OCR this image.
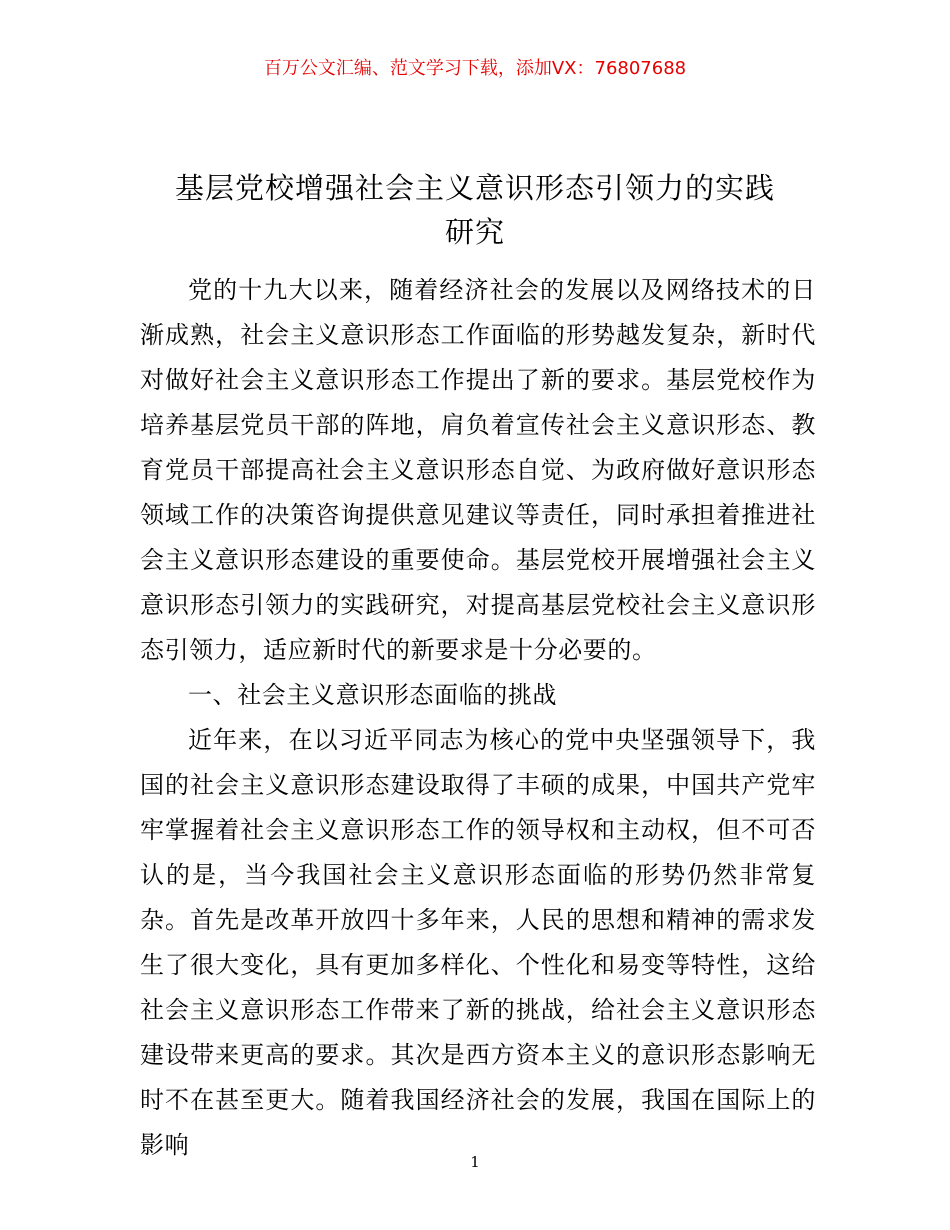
百万公文汇编、范文学习下载，添加VX：76807688
基层党校增强社会主义意识形态引领力的实践
研究

党的十九大以来，随着经济社会的发展以及网络技术的日渐成熟，社会主义意识形态工作面临的形势越发复杂，新时代对做好社会主义意识形态工作提出了新的要求。基层党校作为培养基层党员干部的阵地，肩负着宣传社会主义意识形态、教育党员干部提高社会主义意识形态自觉、为政府做好意识形态领域工作的决策咨询提供意见建议等责任，同时承担着推进社会主义意识形态建设的重要使命。基层党校开展增强社会主义意识形态引领力的实践研究，对提高基层党校社会主义意识形态引领力，适应新时代的新要求是十分必要的。

一、社会主义意识形态面临的挑战

近年来，在以习近平同志为核心的党中央坚强领导下，我国的社会主义意识形态建设取得了丰硕的成果，中国共产党牢牢掌握着社会主义意识形态工作的领导权和主动权，但不可否认的是，当今我国社会主义意识形态面临的形势仍然非常复杂。首先是改革开放四十多年来，人民的思想和精神的需求发生了很大变化，具有更加多样化、个性化和易变等特性，这给社会主义意识形态工作带来了新的挑战，给社会主义意识形态建设带来更高的要求。其次是西方资本主义的意识形态影响无时不在甚至更大。随着我国经济社会的发展，我国在国际上的影响

1
